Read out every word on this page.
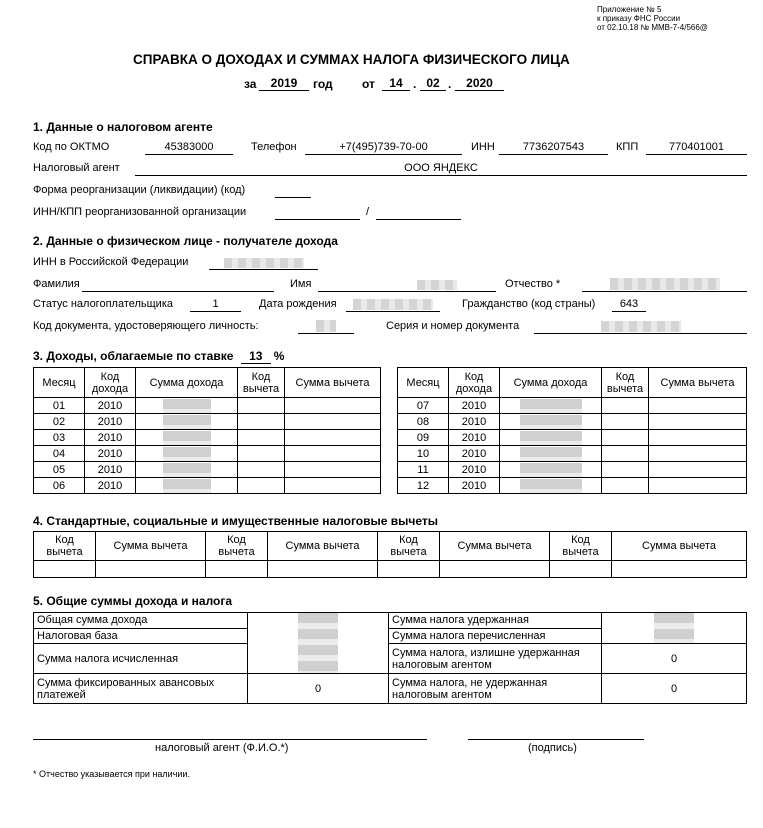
Приложение № 5
к приказу ФНС России
от 02.10.18 № ММВ-7-4/566@
СПРАВКА О ДОХОДАХ И СУММАХ НАЛОГА ФИЗИЧЕСКОГО ЛИЦА
за	2019	год от	14 . 02 .	2020
1. Данные о налоговом агенте
Код по ОКТМО	45383000	Телефон	+7(495)739-70-00	ИНН	7736207543	КПП	770401001
Налоговый агент	ООО ЯНДЕКС
Форма реорганизации (ликвидации) (код)
ИНН/КПП реорганизованной организации	/
2. Данные о физическом лице - получателе дохода
ИНН в Российской Федерации
Фамилия	Имя	Отчество *
Статус налогоплательщика	1	Дата рождения	Гражданство (код страны)	643
Код документа, удостоверяющего личность:	Серия и номер документа
3. Доходы, облагаемые по ставке 13 %
Месяц	Код дохода	Сумма дохода	Код вычета	Сумма вычета
01	2010	

02	2010	

03	2010	

04	2010	

05	2010	

06	2010	

Месяц	Код дохода	Сумма дохода	Код вычета	Сумма вычета
07	2010	

08	2010	

09	2010	

10	2010	

11	2010	

12	2010	

4. Стандартные, социальные и имущественные налоговые вычеты
Код вычета	Сумма вычета	Код вычета	Сумма вычета	Код вычета	Сумма вычета	Код вычета	Сумма вычета

5. Общие суммы дохода и налога
Общая сумма дохода		Сумма налога удержанная	

Налоговая база		Сумма налога перечисленная	
Сумма налога исчисленная		Сумма налога, излишне удержанная налоговым агентом	0
Сумма фиксированных авансовых платежей	0	Сумма налога, не удержанная налоговым агентом	0
налоговый агент (Ф.И.О.*)	(подпись)
* Отчество указывается при наличии.
